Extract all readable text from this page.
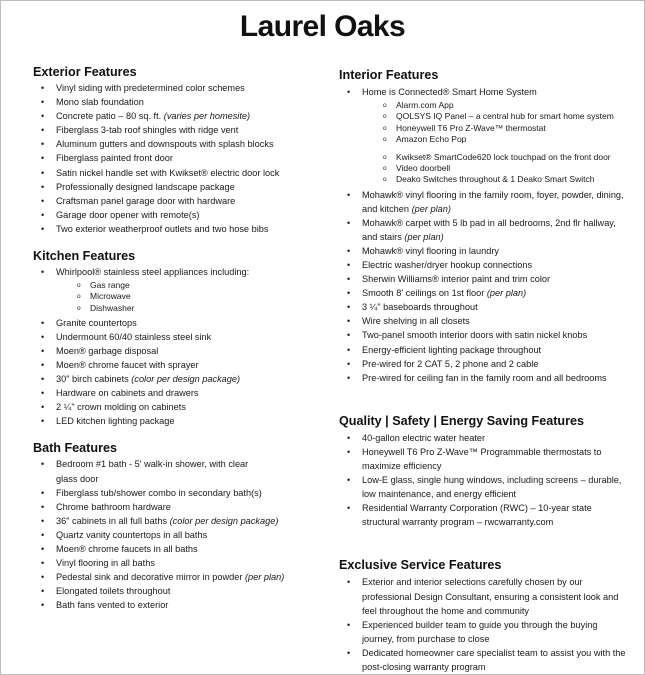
Laurel Oaks
Exterior Features
• Vinyl siding with predetermined color schemes
• Mono slab foundation
• Concrete patio – 80 sq. ft. (varies per homesite)
• Fiberglass 3-tab roof shingles with ridge vent
• Aluminum gutters and downspouts with splash blocks
• Fiberglass painted front door
• Satin nickel handle set with Kwikset® electric door lock
• Professionally designed landscape package
• Craftsman panel garage door with hardware
• Garage door opener with remote(s)
• Two exterior weatherproof outlets and two hose bibs
Kitchen Features
• Whirlpool® stainless steel appliances including:
o Gas range
o Microwave
o Dishwasher
• Granite countertops
• Undermount 60/40 stainless steel sink
• Moen® garbage disposal
• Moen® chrome faucet with sprayer
• 30" birch cabinets (color per design package)
• Hardware on cabinets and drawers
• 2 ¼" crown molding on cabinets
• LED kitchen lighting package
Bath Features
• Bedroom #1 bath - 5' walk-in shower, with clear
glass door
• Fiberglass tub/shower combo in secondary bath(s)
• Chrome bathroom hardware
• 36" cabinets in all full baths (color per design package)
• Quartz vanity countertops in all baths
• Moen® chrome faucets in all baths
• Vinyl flooring in all baths
• Pedestal sink and decorative mirror in powder (per plan)
• Elongated toilets throughout
• Bath fans vented to exterior
Interior Features
• Home is Connected® Smart Home System
o Alarm.com App
o QOLSYS IQ Panel – a central hub for smart home system
o Honeywell T6 Pro Z-Wave™ thermostat
o Amazon Echo Pop
o Kwikset® SmartCode620 lock touchpad on the front door
o Video doorbell
o Deako Switches throughout & 1 Deako Smart Switch
• Mohawk® vinyl flooring in the family room, foyer, powder, dining, and kitchen (per plan)
• Mohawk® carpet with 5 lb pad in all bedrooms, 2nd flr hallway, and stairs (per plan)
• Mohawk® vinyl flooring in laundry
• Electric washer/dryer hookup connections
• Sherwin Williams® interior paint and trim color
• Smooth 8' ceilings on 1st floor (per plan)
• 3 ¼" baseboards throughout
• Wire shelving in all closets
• Two-panel smooth interior doors with satin nickel knobs
• Energy-efficient lighting package throughout
• Pre-wired for 2 CAT 5, 2 phone and 2 cable
• Pre-wired for ceiling fan in the family room and all bedrooms
Quality | Safety | Energy Saving Features
• 40-gallon electric water heater
• Honeywell T6 Pro Z-Wave™ Programmable thermostats to maximize efficiency
• Low-E glass, single hung windows, including screens – durable, low maintenance, and energy efficient
• Residential Warranty Corporation (RWC) – 10-year state structural warranty program – rwcwarranty.com
Exclusive Service Features
• Exterior and interior selections carefully chosen by our professional Design Consultant, ensuring a consistent look and feel throughout the home and community
• Experienced builder team to guide you through the buying journey, from purchase to close
• Dedicated homeowner care specialist team to assist you with the post-closing warranty program
